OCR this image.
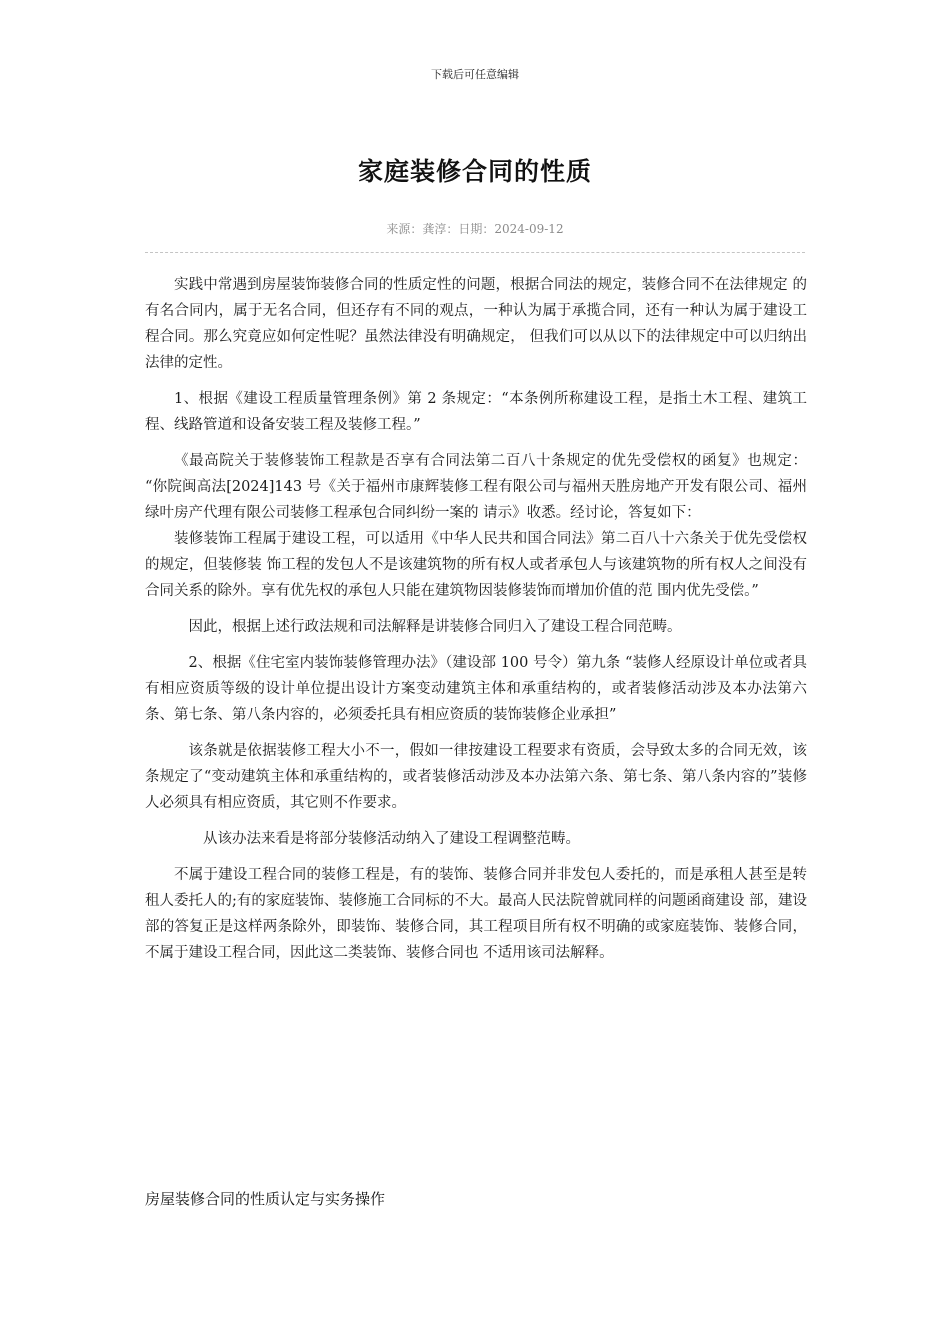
下载后可任意编辑
家庭装修合同的性质
来源：龚淳：日期：2024-09-12

实践中常遇到房屋装饰装修合同的性质定性的问题，根据合同法的规定，装修合同不在法律规定 的有名合同内，属于无名合同，但还存有不同的观点，一种认为属于承揽合同，还有一种认为属于建设工程合同。那么究竟应如何定性呢？虽然法律没有明确规定， 但我们可以从以下的法律规定中可以归纳出法律的定性。

1、根据《建设工程质量管理条例》第 2 条规定：“本条例所称建设工程，是指土木工程、建筑工程、线路管道和设备安装工程及装修工程。”

《最高院关于装修装饰工程款是否享有合同法第二百八十条规定的优先受偿权的函复》也规定： “你院闽高法[2024]143 号《关于福州市康辉装修工程有限公司与福州天胜房地产开发有限公司、福州绿叶房产代理有限公司装修工程承包合同纠纷一案的 请示》收悉。经讨论，答复如下：

装修装饰工程属于建设工程，可以适用《中华人民共和国合同法》第二百八十六条关于优先受偿权的规定，但装修装 饰工程的发包人不是该建筑物的所有权人或者承包人与该建筑物的所有权人之间没有合同关系的除外。享有优先权的承包人只能在建筑物因装修装饰而增加价值的范 围内优先受偿。”

因此，根据上述行政法规和司法解释是讲装修合同归入了建设工程合同范畴。

2、根据《住宅室内装饰装修管理办法》（建设部 100 号令）第九条 “装修人经原设计单位或者具有相应资质等级的设计单位提出设计方案变动建筑主体和承重结构的，或者装修活动涉及本办法第六条、第七条、第八条内容的，必须委托具有相应资质的装饰装修企业承担”

该条就是依据装修工程大小不一，假如一律按建设工程要求有资质，会导致太多的合同无效，该条规定了“变动建筑主体和承重结构的，或者装修活动涉及本办法第六条、第七条、第八条内容的”装修人必须具有相应资质，其它则不作要求。

从该办法来看是将部分装修活动纳入了建设工程调整范畴。

不属于建设工程合同的装修工程是，有的装饰、装修合同并非发包人委托的，而是承租人甚至是转租人委托人的;有的家庭装饰、装修施工合同标的不大。最高人民法院曾就同样的问题函商建设 部，建设部的答复正是这样两条除外，即装饰、装修合同，其工程项目所有权不明确的或家庭装饰、装修合同，不属于建设工程合同，因此这二类装饰、装修合同也 不适用该司法解释。

房屋装修合同的性质认定与实务操作
